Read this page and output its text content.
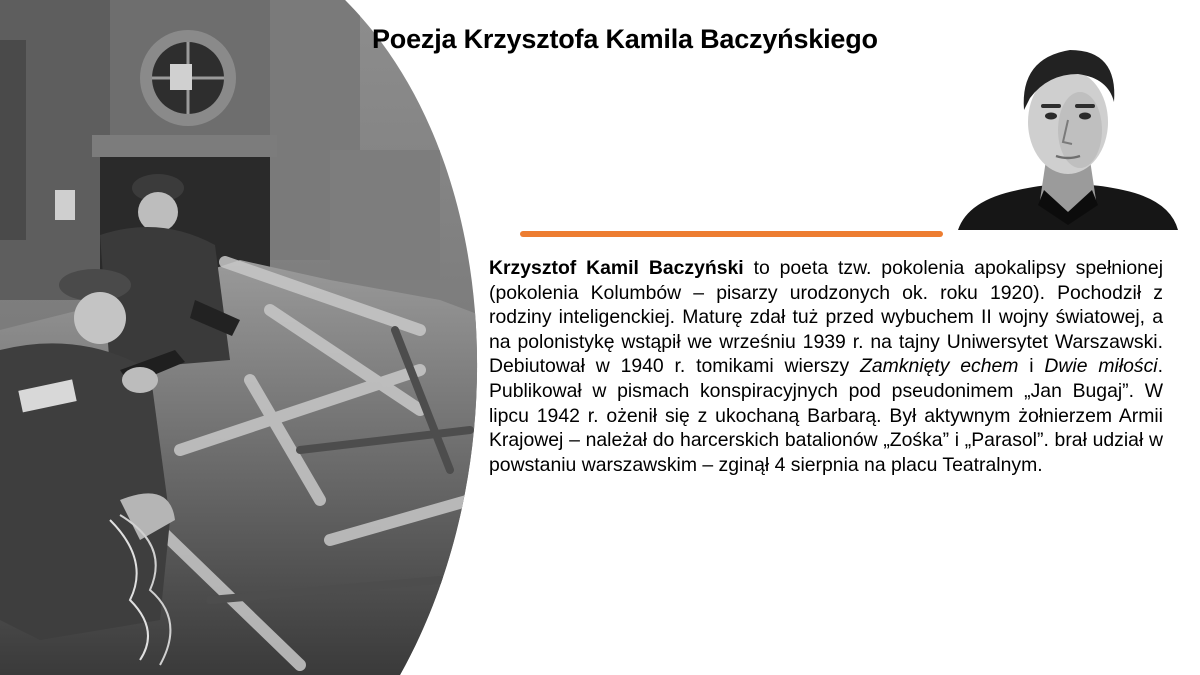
Poezja Krzysztofa Kamila Baczyńskiego

Krzysztof Kamil Baczyński to poeta tzw. pokolenia apokalipsy spełnionej (pokolenia Kolumbów – pisarzy urodzonych ok. roku 1920). Pochodził z rodziny inteligenckiej. Maturę zdał tuż przed wybuchem II wojny światowej, a na polonistykę wstąpił we wrześniu 1939 r. na tajny Uniwersytet Warszawski. Debiutował w 1940 r. tomikami wierszy Zamknięty echem i Dwie miłości. Publikował w pismach konspiracyjnych pod pseudonimem „Jan Bugaj”. W lipcu 1942 r. ożenił się z ukochaną Barbarą. Był aktywnym żołnierzem Armii Krajowej – należał do harcerskich batalionów „Zośka” i „Parasol”. brał udział w powstaniu warszawskim – zginął 4 sierpnia na placu Teatralnym.
